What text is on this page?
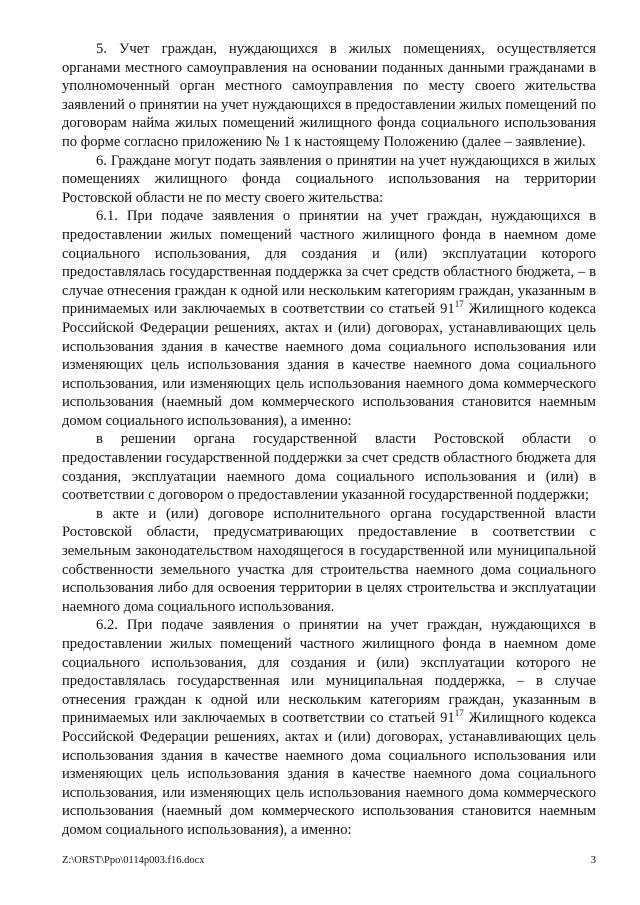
5. Учет граждан, нуждающихся в жилых помещениях, осуществляется органами местного самоуправления на основании поданных данными гражданами в уполномоченный орган местного самоуправления по месту своего жительства заявлений о принятии на учет нуждающихся в предоставлении жилых помещений по договорам найма жилых помещений жилищного фонда социального использования по форме согласно приложению № 1 к настоящему Положению (далее – заявление).

6. Граждане могут подать заявления о принятии на учет нуждающихся в жилых помещениях жилищного фонда социального использования на территории Ростовской области не по месту своего жительства:

6.1. При подаче заявления о принятии на учет граждан, нуждающихся в предоставлении жилых помещений частного жилищного фонда в наемном доме социального использования, для создания и (или) эксплуатации которого предоставлялась государственная поддержка за счет средств областного бюджета, – в случае отнесения граждан к одной или нескольким категориям граждан, указанным в принимаемых или заключаемых в соответствии со статьей $91^{17}$ Жилищного кодекса Российской Федерации решениях, актах и (или) договорах, устанавливающих цель использования здания в качестве наемного дома социального использования или изменяющих цель использования здания в качестве наемного дома социального использования, или изменяющих цель использования наемного дома коммерческого использования (наемный дом коммерческого использования становится наемным домом социального использования), а именно:

в решении органа государственной власти Ростовской области о предоставлении государственной поддержки за счет средств областного бюджета для создания, эксплуатации наемного дома социального использования и (или) в соответствии с договором о предоставлении указанной государственной поддержки;

в акте и (или) договоре исполнительного органа государственной власти Ростовской области, предусматривающих предоставление в соответствии с земельным законодательством находящегося в государственной или муниципальной собственности земельного участка для строительства наемного дома социального использования либо для освоения территории в целях строительства и эксплуатации наемного дома социального использования.

6.2. При подаче заявления о принятии на учет граждан, нуждающихся в предоставлении жилых помещений частного жилищного фонда в наемном доме социального использования, для создания и (или) эксплуатации которого не предоставлялась государственная или муниципальная поддержка, – в случае отнесения граждан к одной или нескольким категориям граждан, указанным в принимаемых или заключаемых в соответствии со статьей $91^{17}$ Жилищного кодекса Российской Федерации решениях, актах и (или) договорах, устанавливающих цель использования здания в качестве наемного дома социального использования или изменяющих цель использования здания в качестве наемного дома социального использования, или изменяющих цель использования наемного дома коммерческого использования (наемный дом коммерческого использования становится наемным домом социального использования), а именно:

Z:\ORST\Ppo\0114p003.f16.docx	3
